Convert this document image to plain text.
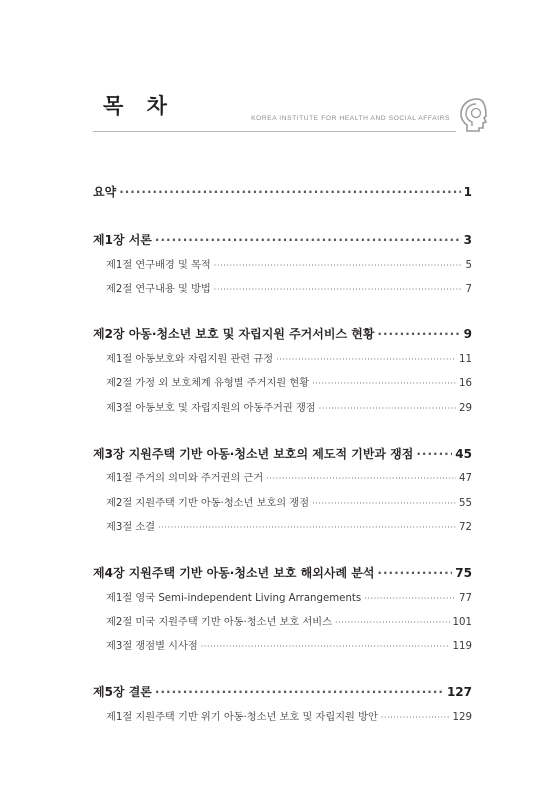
목 차
KOREA INSTITUTE FOR HEALTH AND SOCIAL AFFAIRS
요약 ·····	1
제1장 서론 ·····	3
제1절 연구배경 및 목적 ·····	5
제2절 연구내용 및 방법 ·····	7
제2장 아동·청소년 보호 및 자립지원 주거서비스 현황 ·····	9
제1절 아동보호와 자립지원 관련 규정 ·····	11
제2절 가정 외 보호체계 유형별 주거지원 현황 ·····	16
제3절 아동보호 및 자립지원의 아동주거권 쟁점 ·····	29
제3장 지원주택 기반 아동·청소년 보호의 제도적 기반과 쟁점 ·····	45
제1절 주거의 의미와 주거권의 근거 ·····	47
제2절 지원주택 기반 아동·청소년 보호의 쟁점 ·····	55
제3절 소결 ·····	72
제4장 지원주택 기반 아동·청소년 보호 해외사례 분석 ·····	75
제1절 영국 Semi-independent Living Arrangements ·····	77
제2절 미국 지원주택 기반 아동·청소년 보호 서비스 ·····	101
제3절 쟁점별 시사점 ·····	119
제5장 결론 ·····	127
제1절 지원주택 기반 위기 아동·청소년 보호 및 자립지원 방안 ·····	129
